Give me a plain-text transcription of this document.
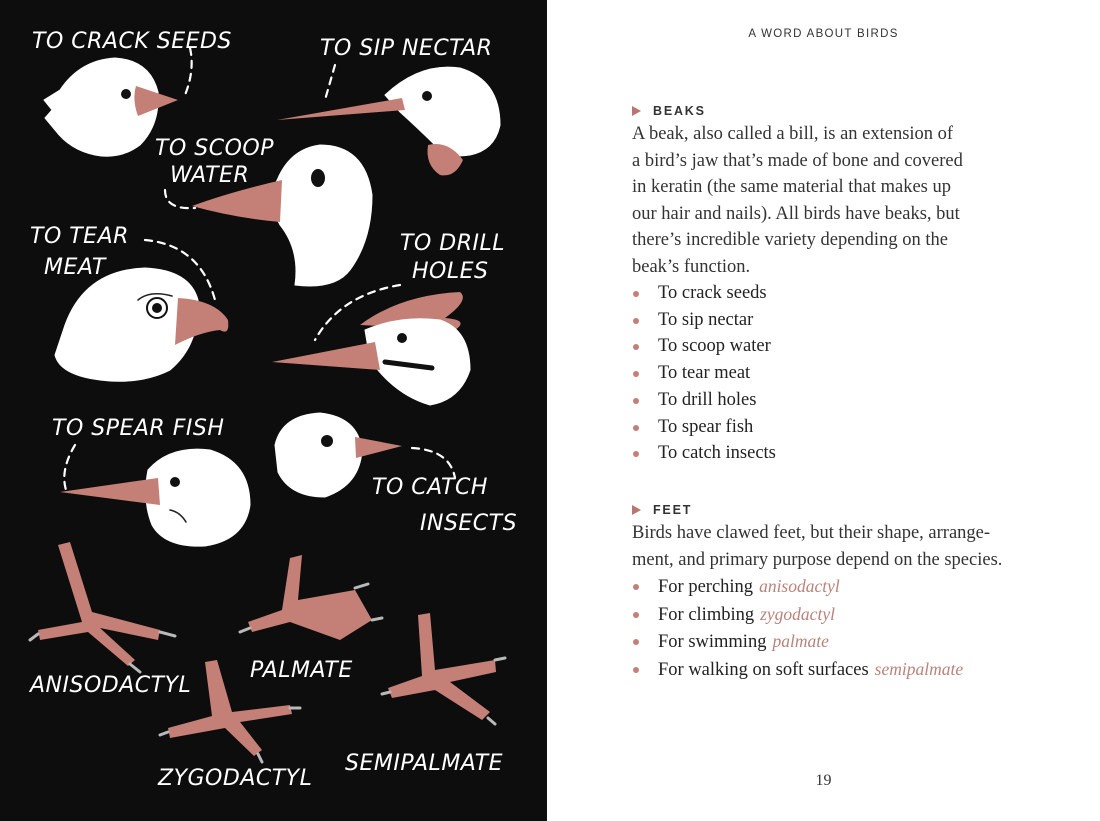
TO CRACK SEEDS	TO SIP NECTAR
TO SCOOP
WATER
TO TEAR
MEAT
TO DRILL
HOLES
TO SPEAR FISH
TO CATCH
INSECTS
ANISODACTYL
PALMATE
ZYGODACTYL
SEMIPALMATE
A WORD ABOUT BIRDS
BEAKS
A beak, also called a bill, is an extension of
a bird’s jaw that’s made of bone and covered
in keratin (the same material that makes up
our hair and nails). All birds have beaks, but
there’s incredible variety depending on the
beak’s function.
To crack seeds
To sip nectar
To scoop water
To tear meat
To drill holes
To spear fish
To catch insects
FEET
Birds have clawed feet, but their shape, arrange-
ment, and primary purpose depend on the species.
For perching anisodactyl
For climbing zygodactyl
For swimming palmate
For walking on soft surfaces semipalmate
19
